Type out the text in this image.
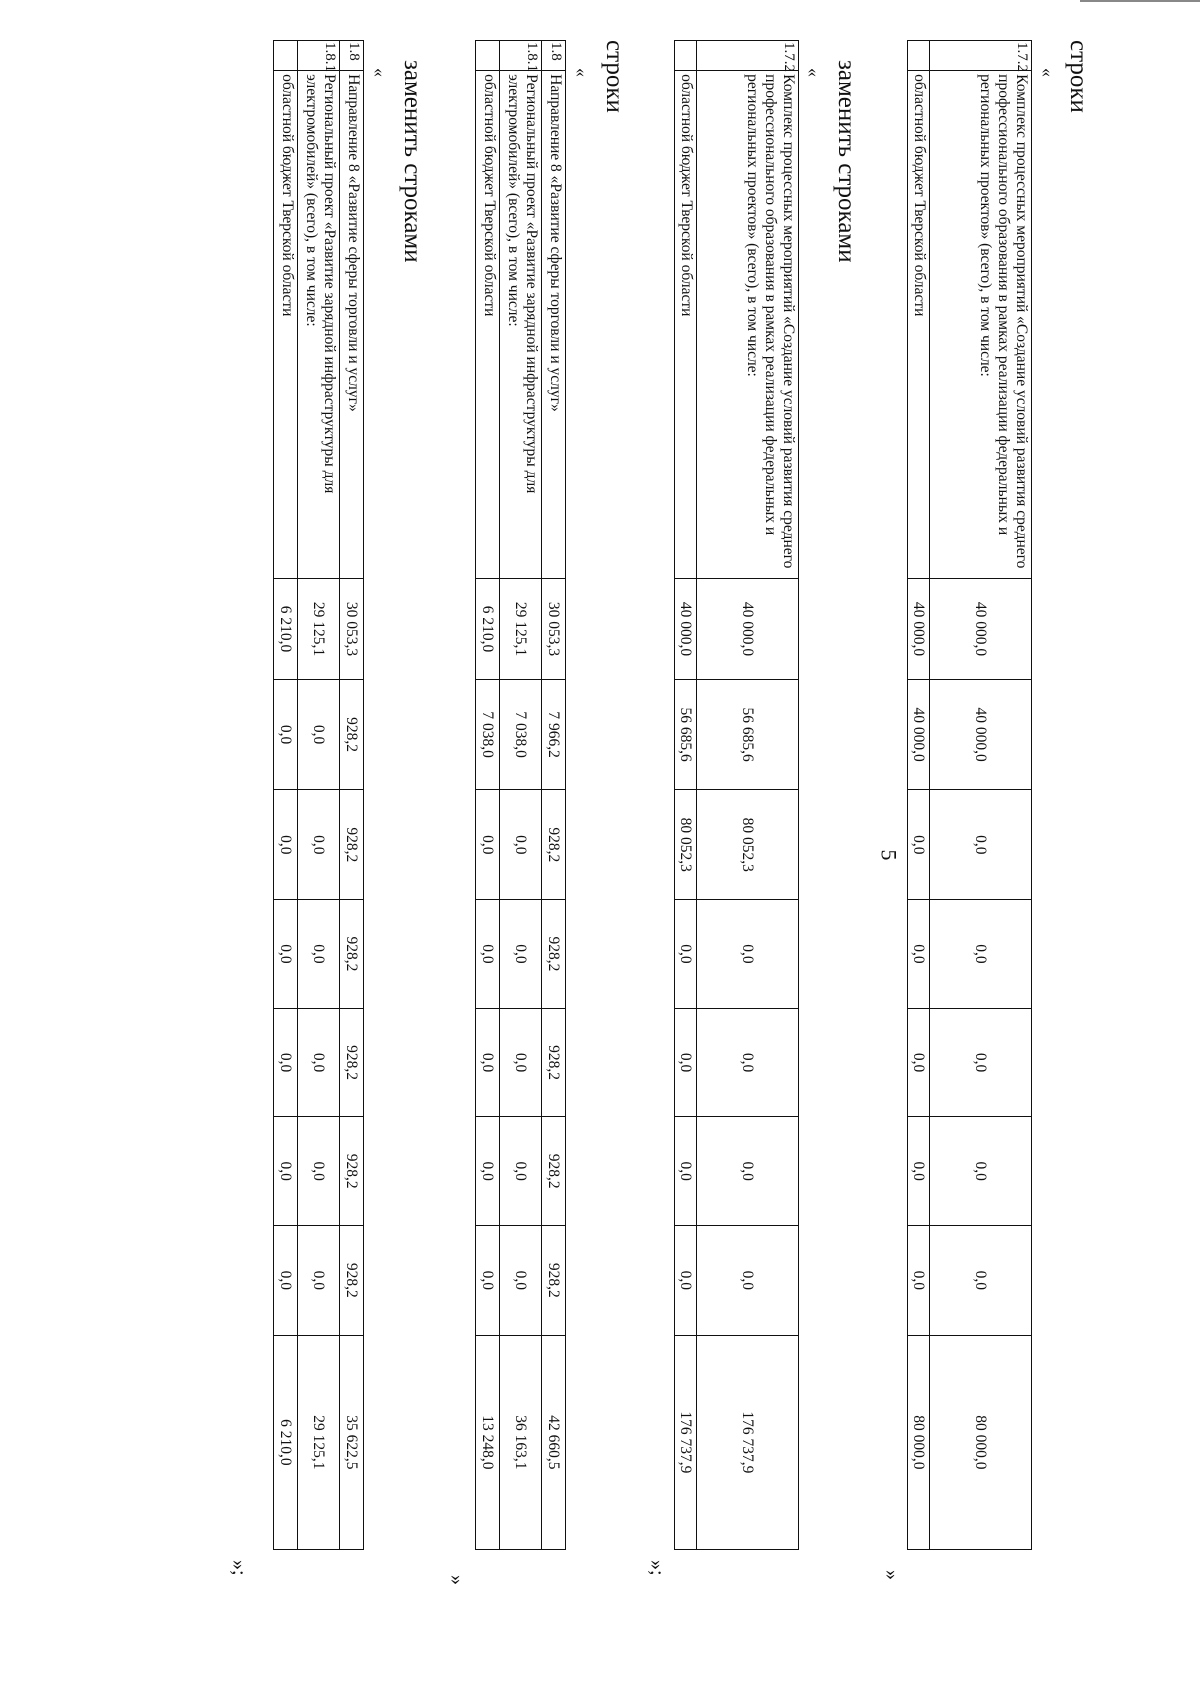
5
строки
«
1.7.2	Комплекс процессных мероприятий «Создание условий развития среднего профессионального образования в рамках реализации федеральных и региональных проектов» (всего), в том числе:	40 000,0	40 000,0	0,0	0,0	0,0	0,0	0,0	80 000,0
	областной бюджет Тверской области	40 000,0	40 000,0	0,0	0,0	0,0	0,0	0,0	80 000,0
»
заменить строками
«
1.7.2	Комплекс процессных мероприятий «Создание условий развития среднего профессионального образования в рамках реализации федеральных и региональных проектов» (всего), в том числе:	40 000,0	56 685,6	80 052,3	0,0	0,0	0,0	0,0	176 737,9
	областной бюджет Тверской области	40 000,0	56 685,6	80 052,3	0,0	0,0	0,0	0,0	176 737,9
»;
строки
«
1.8	Направление 8 «Развитие сферы торговли и услуг»	30 053,3	7 966,2	928,2	928,2	928,2	928,2	928,2	42 660,5
1.8.1	Региональный проект «Развитие зарядной инфраструктуры для электромобилей» (всего), в том числе:	29 125,1	7 038,0	0,0	0,0	0,0	0,0	0,0	36 163,1
	областной бюджет Тверской области	6 210,0	7 038,0	0,0	0,0	0,0	0,0	0,0	13 248,0
»
заменить строками
«
1.8	Направление 8 «Развитие сферы торговли и услуг»	30 053,3	928,2	928,2	928,2	928,2	928,2	928,2	35 622,5
1.8.1	Региональный проект «Развитие зарядной инфраструктуры для электромобилей» (всего), в том числе:	29 125,1	0,0	0,0	0,0	0,0	0,0	0,0	29 125,1
	областной бюджет Тверской области	6 210,0	0,0	0,0	0,0	0,0	0,0	0,0	6 210,0
»;
